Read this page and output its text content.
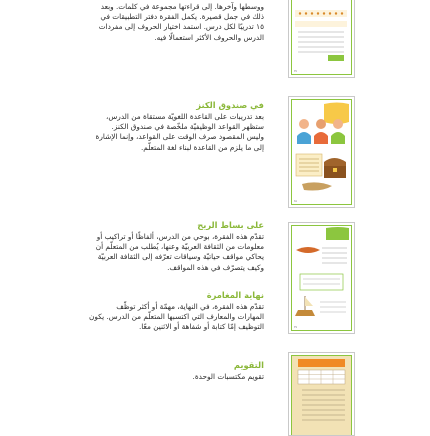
ووسطها وآخرها. إلى قراءتها مجموعة في كلمات. وبعد

ذلك في جمل قصيرة. يكمل الفقرة دفتر التطبيقات في

١٥ تدريبًا لكل درس. استمد اختيار الحروف إلى مفردات

الدرس والحروف الأكثر استعمالًا فيه.

في صندوق الكنز

بعد تدريبات على القاعدة اللغويّة مستقاة من الدرس،

ستظهر القواعد الوظيفيّة ملخّصة في صندوق الكنز.

وليس المقصود صرف الوقت على القواعد، وإنما الإشارة

إلى ما يلزم من القاعدة لبناء لغة المتعلّم.

على بساط الريح

تقدّم هذه الفقرة، بوحي من الدرس، ألفاظًا أو تراكيب أو

معلومات من الثقافة العربيّة وعنها، يُطلب من المتعلّم أن

يحاكي مواقف حياتيّة وسياقات تعرّفه إلى الثقافة العربيّة

وكيف يتصرّف في هذه المواقف.

نهاية المغامرة

تقدّم هذه الفقرة، في النهاية، مهمّة أو أكثر توظّف

المهارات والمعارف التي اكتسبها المتعلّم من الدرس. يكون

التوظيف إمّا كتابة أو شفاهة أو الاثنين معًا.

التقويم

تقويم مكتسبات الوحدة.

٢٧
٢٨
٢٩
